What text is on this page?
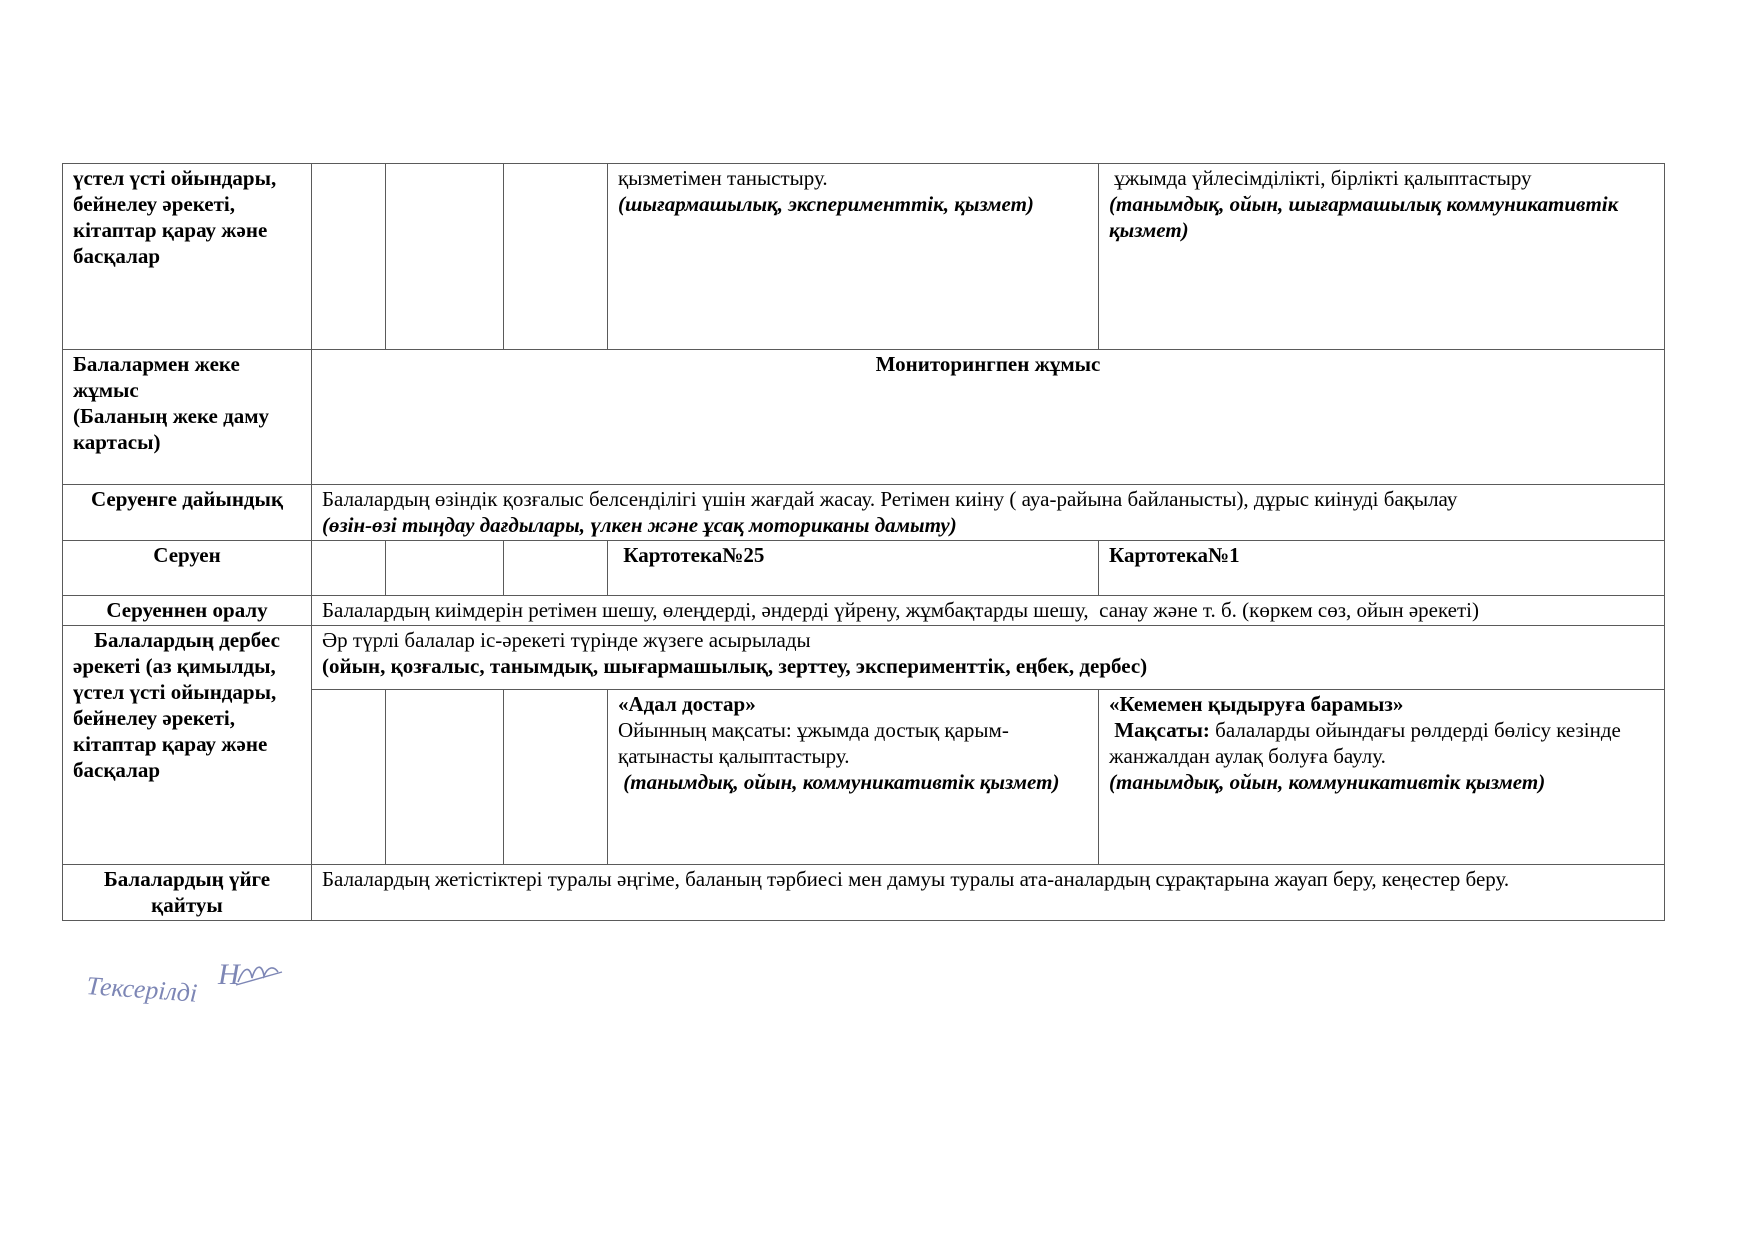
үстел үсті ойындары, бейнелеу әрекеті, кітаптар қарау және басқалар				қызметімен таныстыру.
(шығармашылық, эксперименттік, қызмет)	ұжымда үйлесімділікті, бірлікті қалыптастыру
(танымдық, ойын, шығармашылық коммуникативтік қызмет)

Балалармен жеке жұмыс
(Баланың жеке даму картасы)	Мониторингпен жұмыс				
Серуенге дайындық	Балалардың өзіндік қозғалыс белсенділігі үшін жағдай жасау. Ретімен киіну ( ауа-райына байланысты), дұрыс киінуді бақылау
(өзін-өзі тыңдау дағдылары, үлкен және ұсақ моториканы дамыту)				

Серуен				Картотека№25	Картотека№1
Серуеннен оралу	Балалардың киімдерін ретімен шешу, өлеңдерді, әндерді үйрену, жұмбақтарды шешу,  санау және т. б. (көркем сөз, ойын әрекеті)				

Балалардың дербес
әрекеті (аз қимылды, үстел үсті ойындары, бейнелеу әрекеті, кітаптар қарау және басқалар	Әр түрлі балалар іс-әрекеті түрінде жүзеге асырылады
(ойын, қозғалыс, танымдық, шығармашылық, зерттеу, эксперименттік, еңбек, дербес)				

				«Адал достар»
Ойынның мақсаты: ұжымда достық қарым-қатынасты қалыптастыру.
(танымдық, ойын, коммуникативтік қызмет)	«Кемемен қыдыруға барамыз»
Мақсаты: балаларды ойындағы рөлдерді бөлісу кезінде жанжалдан аулақ болуға баулу.
(танымдық, ойын, коммуникативтік қызмет)

Балалардың үйге қайтуы	Балалардың жетістіктері туралы әңгіме, баланың тәрбиесі мен дамуы туралы ата-аналардың сұрақтарына жауап беру, кеңестер беру.				
Тексерілді Н
